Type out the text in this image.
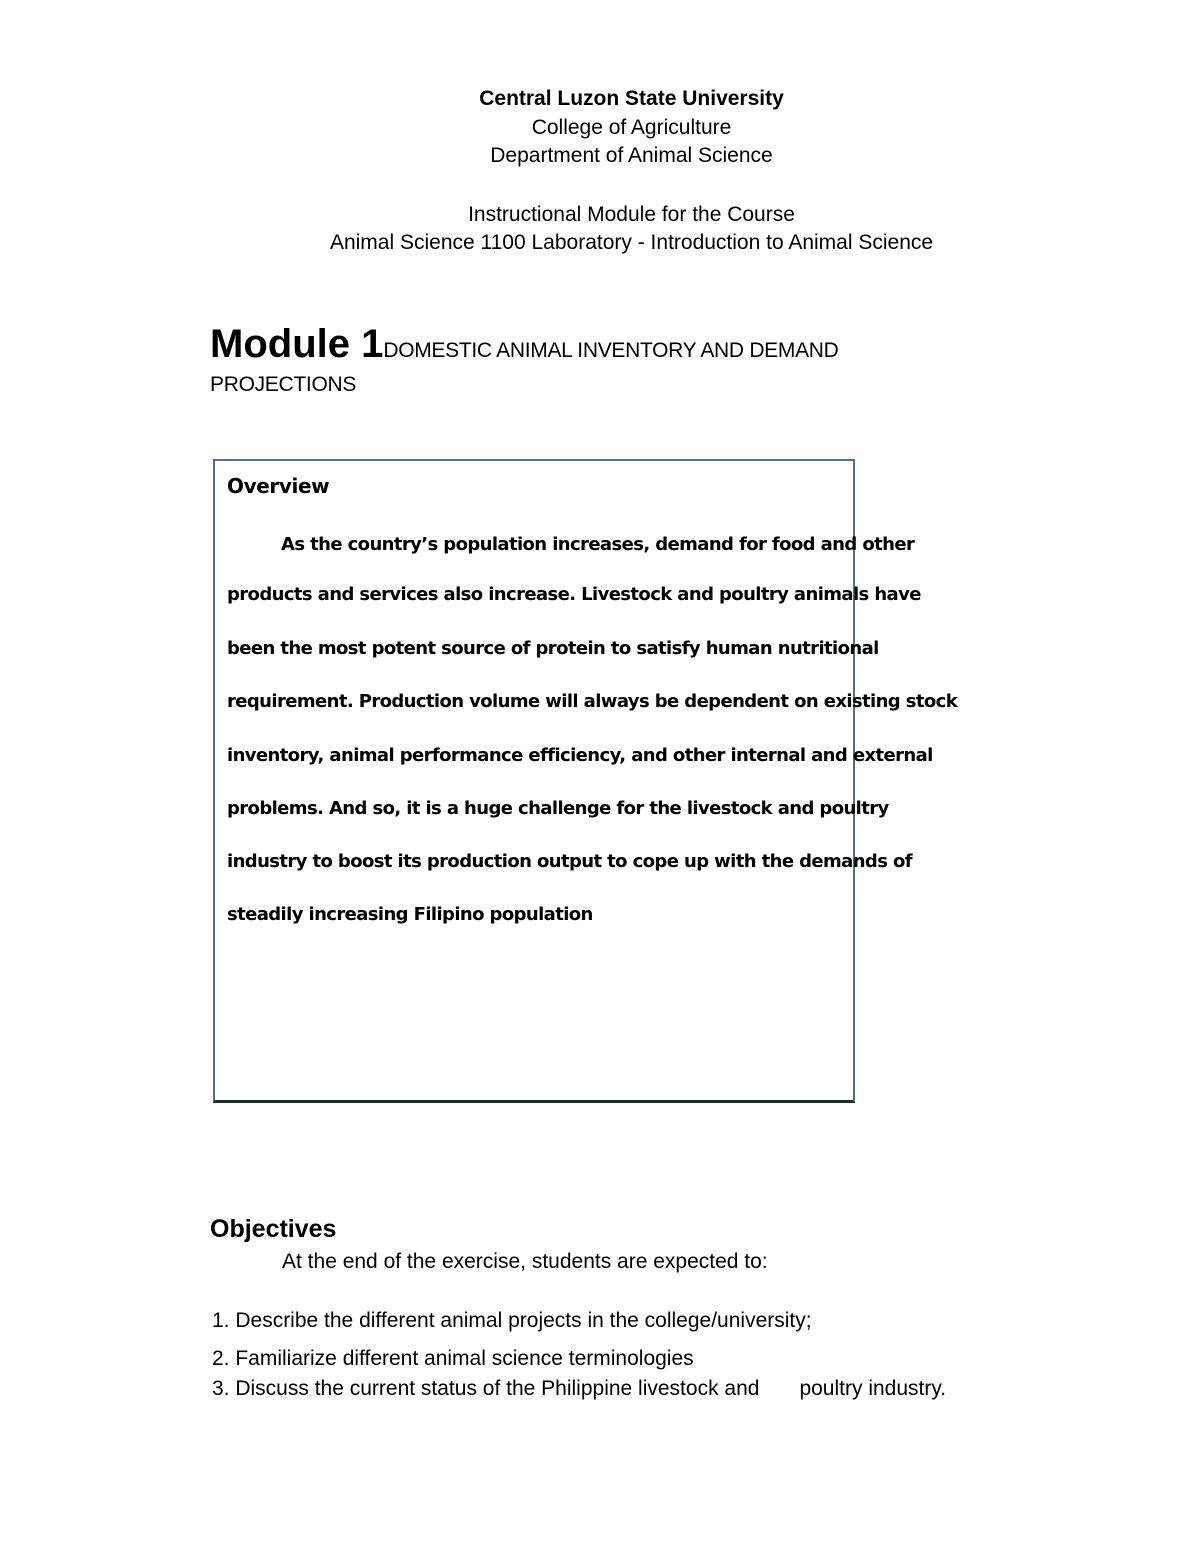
Central Luzon State University
College of Agriculture
Department of Animal Science
Instructional Module for the Course
Animal Science 1100 Laboratory - Introduction to Animal Science
Module 1DOMESTIC ANIMAL INVENTORY AND DEMAND
PROJECTIONS
Overview
As the country’s population increases, demand for food and other
products and services also increase. Livestock and poultry animals have
been the most potent source of protein to satisfy human nutritional
requirement. Production volume will always be dependent on existing stock
inventory, animal performance efficiency, and other internal and external
problems. And so, it is a huge challenge for the livestock and poultry
industry to boost its production output to cope up with the demands of
steadily increasing Filipino population
Objectives
At the end of the exercise, students are expected to:
1. Describe the different animal projects in the college/university;
2. Familiarize different animal science terminologies
3. Discuss the current status of the Philippine livestock and poultry industry.
